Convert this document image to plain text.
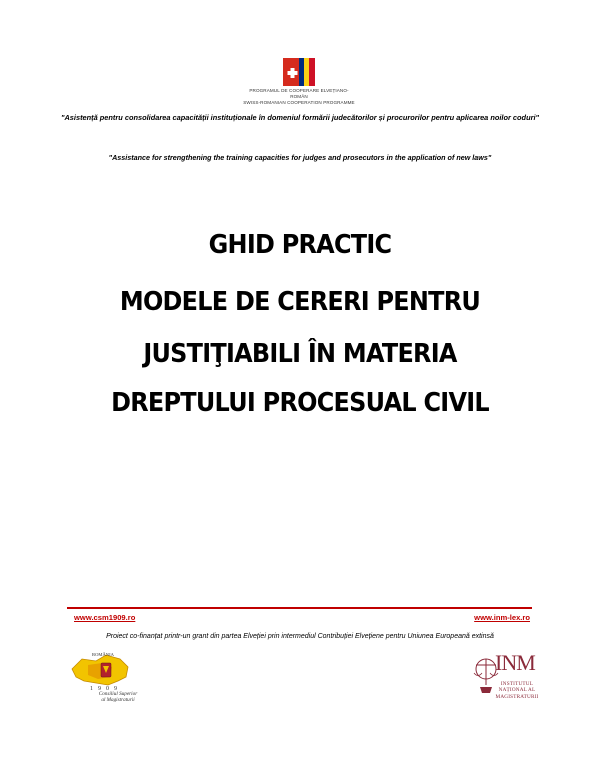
PROGRAMUL DE COOPERARE ELVEȚIANO-ROMÂN
SWISS-ROMANIAN COOPERATION PROGRAMME
"Asistență pentru consolidarea capacității instituționale în domeniul formării judecătorilor și procurorilor pentru aplicarea noilor coduri"
"Assistance for strengthening the training capacities for judges and prosecutors in the application of new laws"
GHID PRACTIC
MODELE DE CERERI PENTRU
JUSTIŢIABILI ÎN MATERIA
DREPTULUI PROCESUAL CIVIL
www.csm1909.ro	www.inm-lex.ro
Proiect co-finanțat printr-un grant din partea Elveției prin intermediul Contribuției Elvețiene pentru Uniunea Europeană extinsă
ROMÂNIA
1909
Consiliul Superior
al Magistraturii
INM
INSTITUTUL
NAȚIONAL AL
MAGISTRATURII
